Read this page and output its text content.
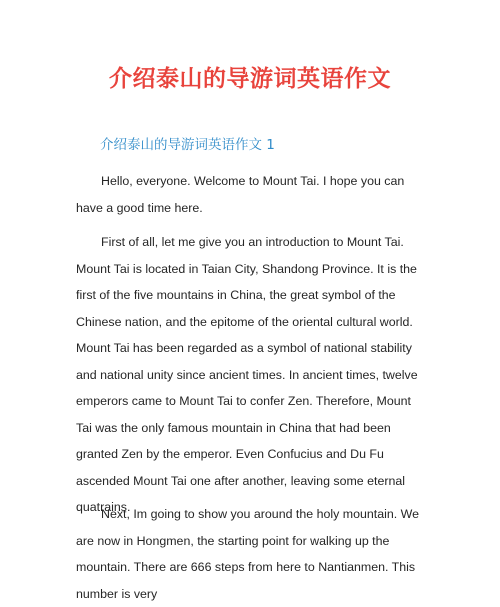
介绍泰山的导游词英语作文
介绍泰山的导游词英语作文 1

Hello, everyone. Welcome to Mount Tai. I hope you can have a good time here.

First of all, let me give you an introduction to Mount Tai. Mount Tai is located in Taian City, Shandong Province. It is the first of the five mountains in China, the great symbol of the Chinese nation, and the epitome of the oriental cultural world. Mount Tai has been regarded as a symbol of national stability and national unity since ancient times. In ancient times, twelve emperors came to Mount Tai to confer Zen. Therefore, Mount Tai was the only famous mountain in China that had been granted Zen by the emperor. Even Confucius and Du Fu ascended Mount Tai one after another, leaving some eternal quatrains.

Next, Im going to show you around the holy mountain. We are now in Hongmen, the starting point for walking up the mountain. There are 666 steps from here to Nantianmen. This number is very
